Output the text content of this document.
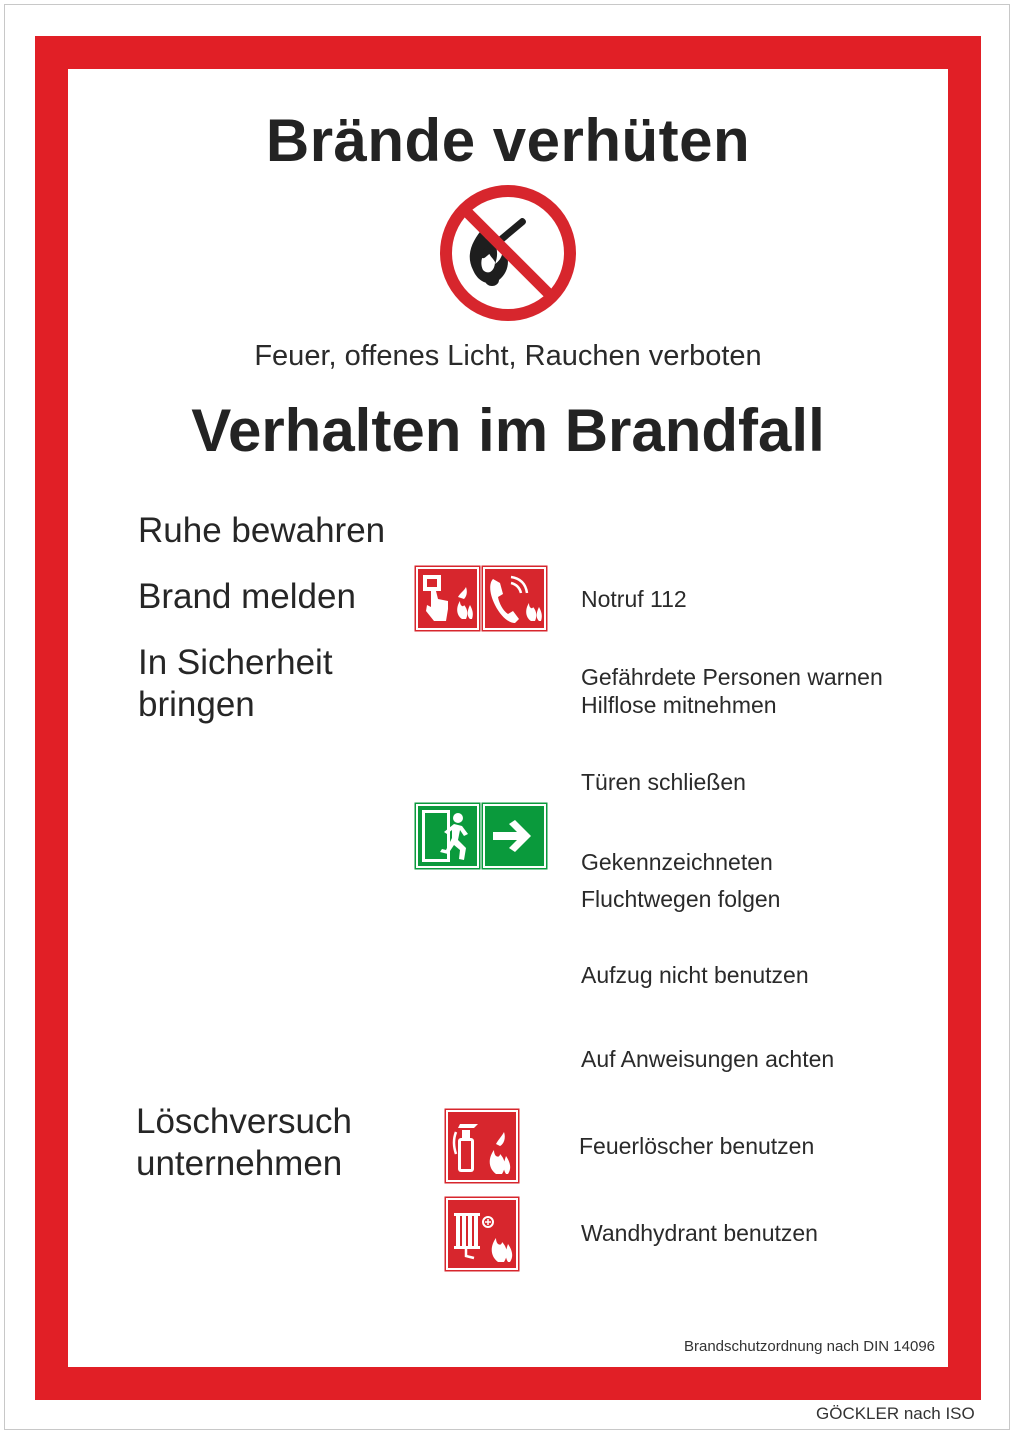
Brände verhüten
Feuer, offenes Licht, Rauchen verboten
Verhalten im Brandfall
Ruhe bewahren
Brand melden
In Sicherheit
bringen
Löschversuch
unternehmen
Notruf 112
Gefährdete Personen warnen
Hilflose mitnehmen
Türen schließen
Gekennzeichneten
Fluchtwegen folgen
Aufzug nicht benutzen
Auf Anweisungen achten
Feuerlöscher benutzen
Wandhydrant benutzen
Brandschutzordnung nach DIN 14096
GÖCKLER nach ISO
